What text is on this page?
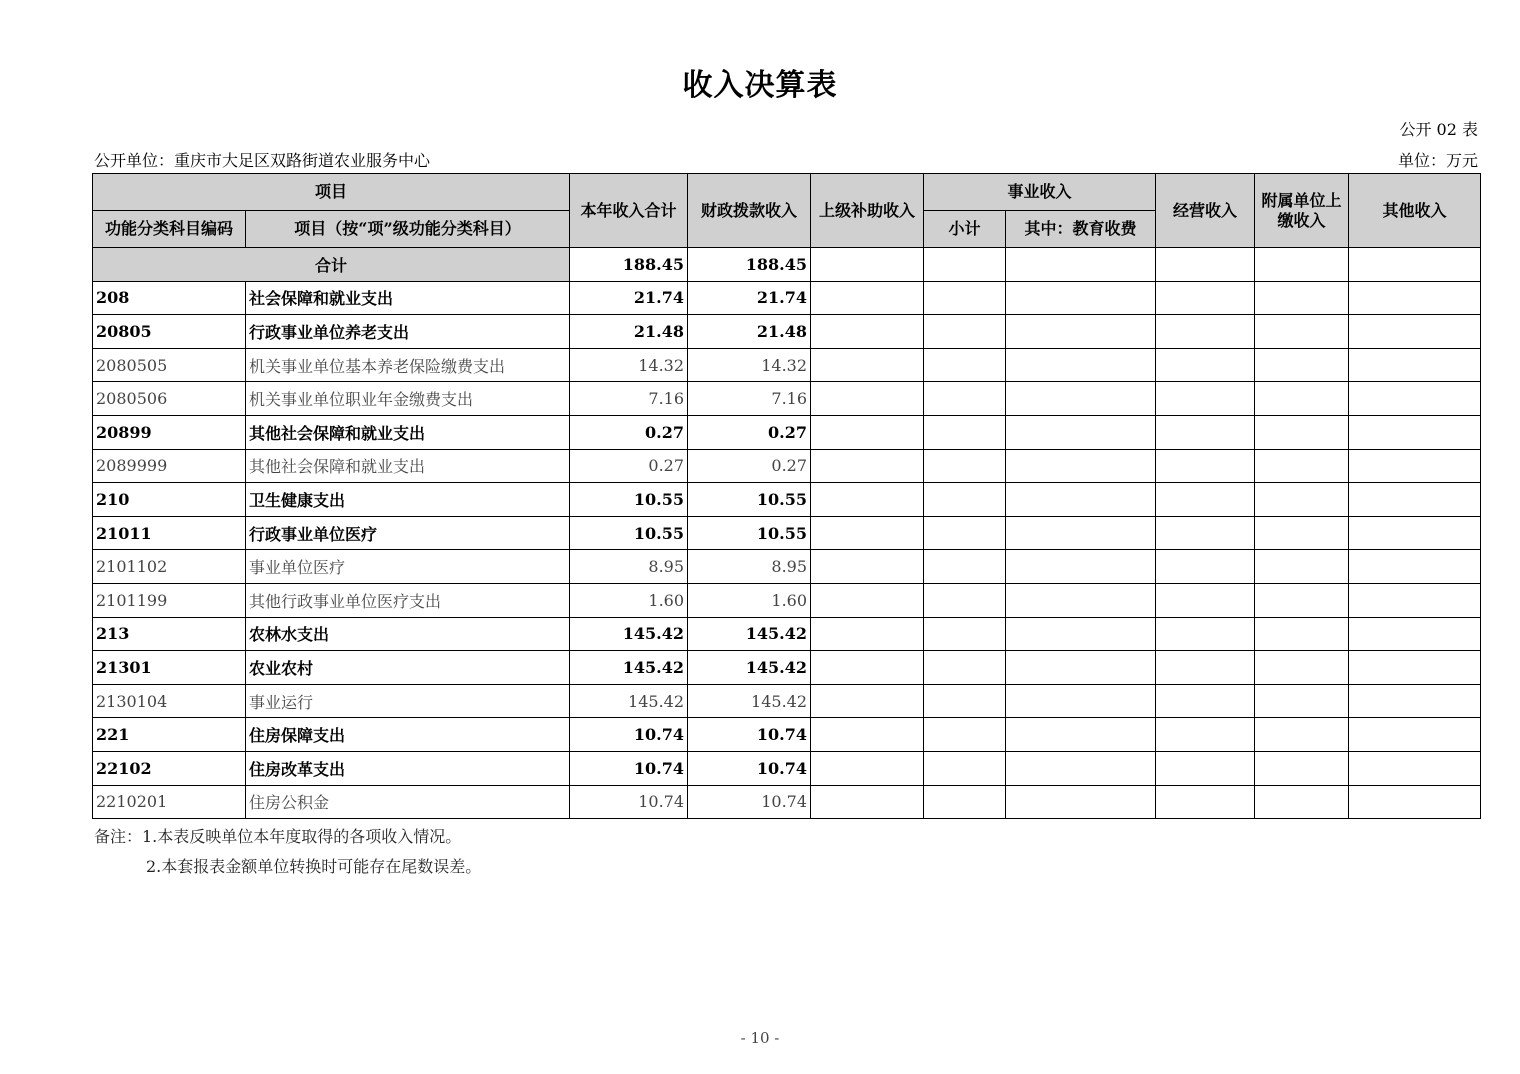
收入决算表
公开 02 表
公开单位：重庆市大足区双路街道农业服务中心	单位：万元
项目		本年收入合计	财政拨款收入	上级补助收入	事业收入		经营收入	附属单位上缴收入	其他收入
功能分类科目编码	项目（按“项”级功能分类科目）				小计	其中：教育收费			
合计		188.45	188.45						
208	社会保障和就业支出	21.74	21.74						
20805	行政事业单位养老支出	21.48	21.48						
2080505	机关事业单位基本养老保险缴费支出	14.32	14.32						
2080506	机关事业单位职业年金缴费支出	7.16	7.16						
20899	其他社会保障和就业支出	0.27	0.27						
2089999	其他社会保障和就业支出	0.27	0.27						
210	卫生健康支出	10.55	10.55						
21011	行政事业单位医疗	10.55	10.55						
2101102	事业单位医疗	8.95	8.95						
2101199	其他行政事业单位医疗支出	1.60	1.60						
213	农林水支出	145.42	145.42						
21301	农业农村	145.42	145.42						
2130104	事业运行	145.42	145.42						
221	住房保障支出	10.74	10.74						
22102	住房改革支出	10.74	10.74						
2210201	住房公积金	10.74	10.74						
备注：1.本表反映单位本年度取得的各项收入情况。
2.本套报表金额单位转换时可能存在尾数误差。
- 10 -
